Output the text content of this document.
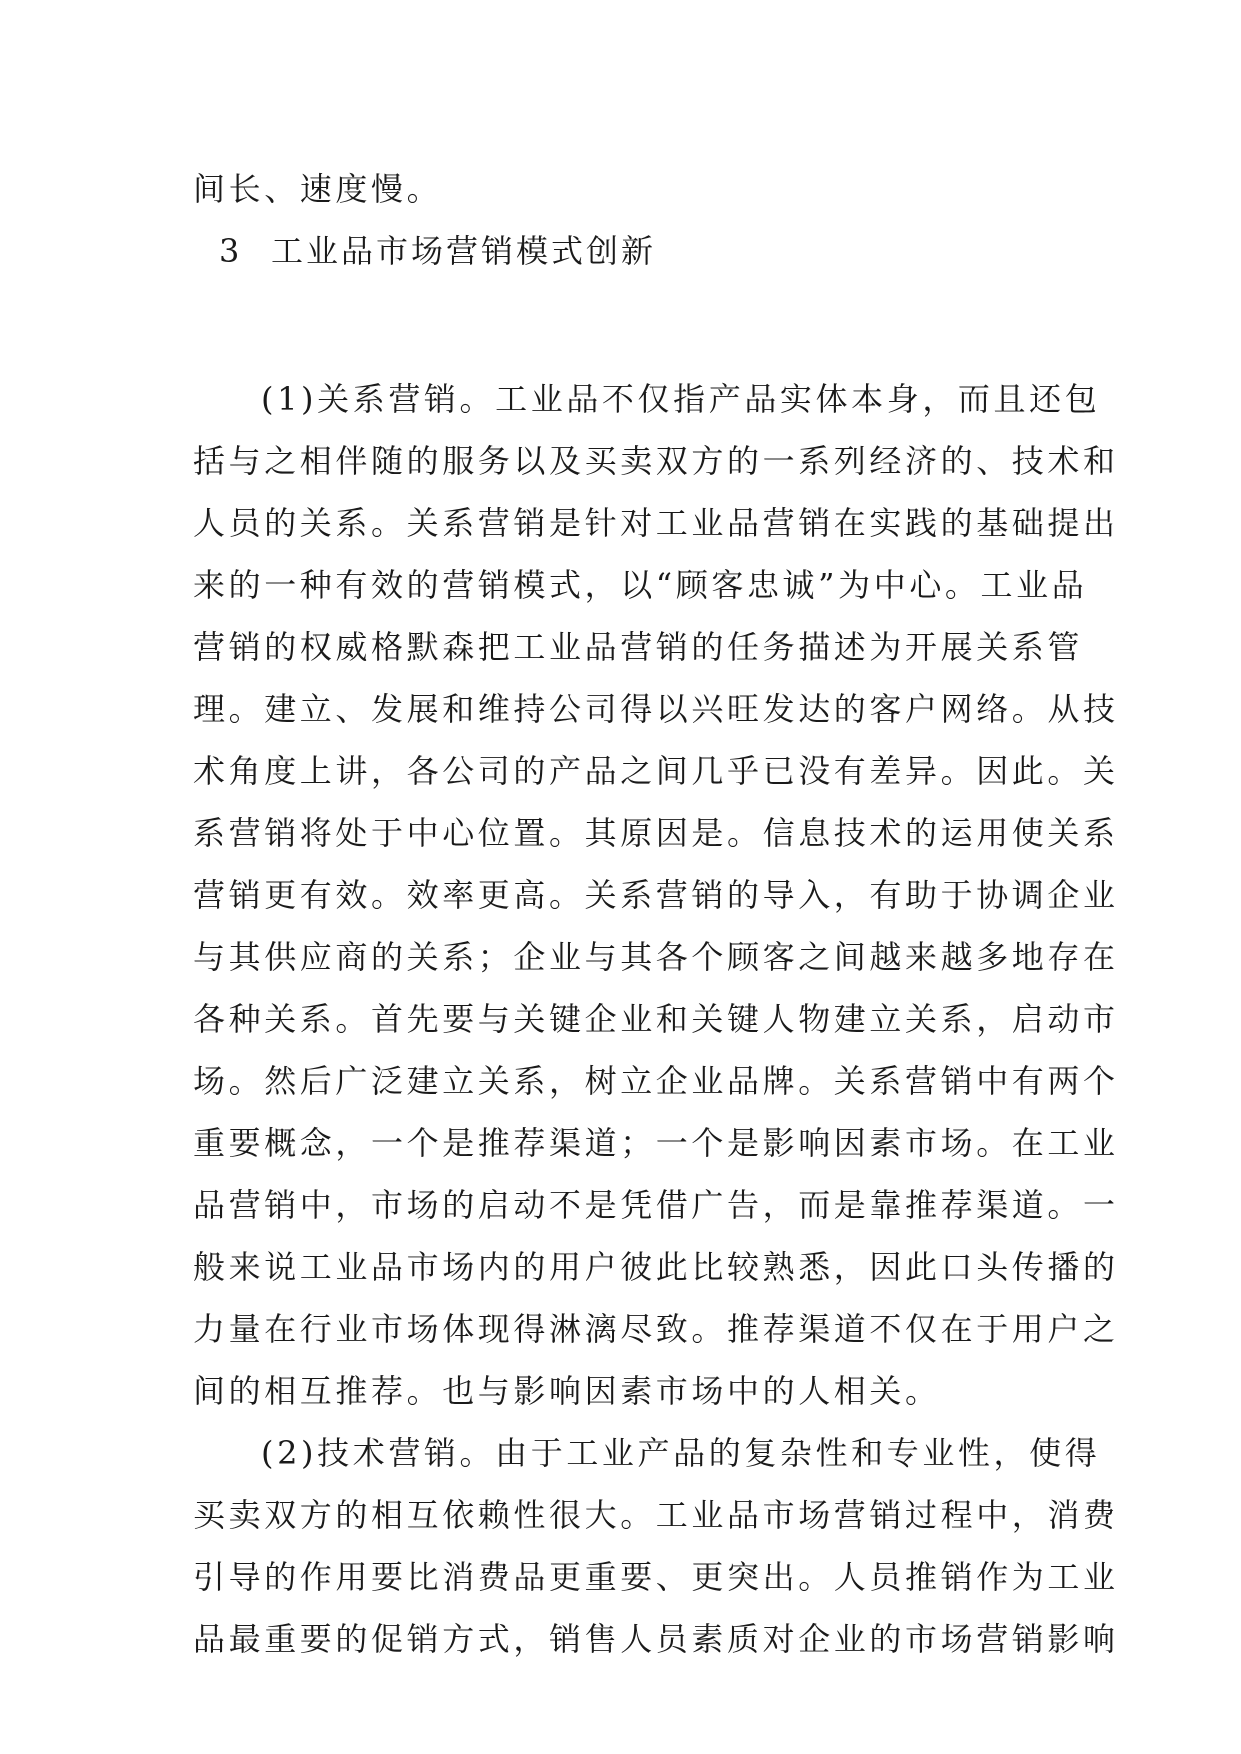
间长、速度慢。
3 工业品市场营销模式创新
(1)关系营销。工业品不仅指产品实体本身，而且还包
括与之相伴随的服务以及买卖双方的一系列经济的、技术和
人员的关系。关系营销是针对工业品营销在实践的基础提出
来的一种有效的营销模式，以“顾客忠诚”为中心。工业品
营销的权威格默森把工业品营销的任务描述为开展关系管
理。建立、发展和维持公司得以兴旺发达的客户网络。从技
术角度上讲，各公司的产品之间几乎已没有差异。因此。关
系营销将处于中心位置。其原因是。信息技术的运用使关系
营销更有效。效率更高。关系营销的导入，有助于协调企业
与其供应商的关系；企业与其各个顾客之间越来越多地存在
各种关系。首先要与关键企业和关键人物建立关系，启动市
场。然后广泛建立关系，树立企业品牌。关系营销中有两个
重要概念，一个是推荐渠道；一个是影响因素市场。在工业
品营销中，市场的启动不是凭借广告，而是靠推荐渠道。一
般来说工业品市场内的用户彼此比较熟悉，因此口头传播的
力量在行业市场体现得淋漓尽致。推荐渠道不仅在于用户之
间的相互推荐。也与影响因素市场中的人相关。
(2)技术营销。由于工业产品的复杂性和专业性，使得
买卖双方的相互依赖性很大。工业品市场营销过程中，消费
引导的作用要比消费品更重要、更突出。人员推销作为工业
品最重要的促销方式，销售人员素质对企业的市场营销影响
